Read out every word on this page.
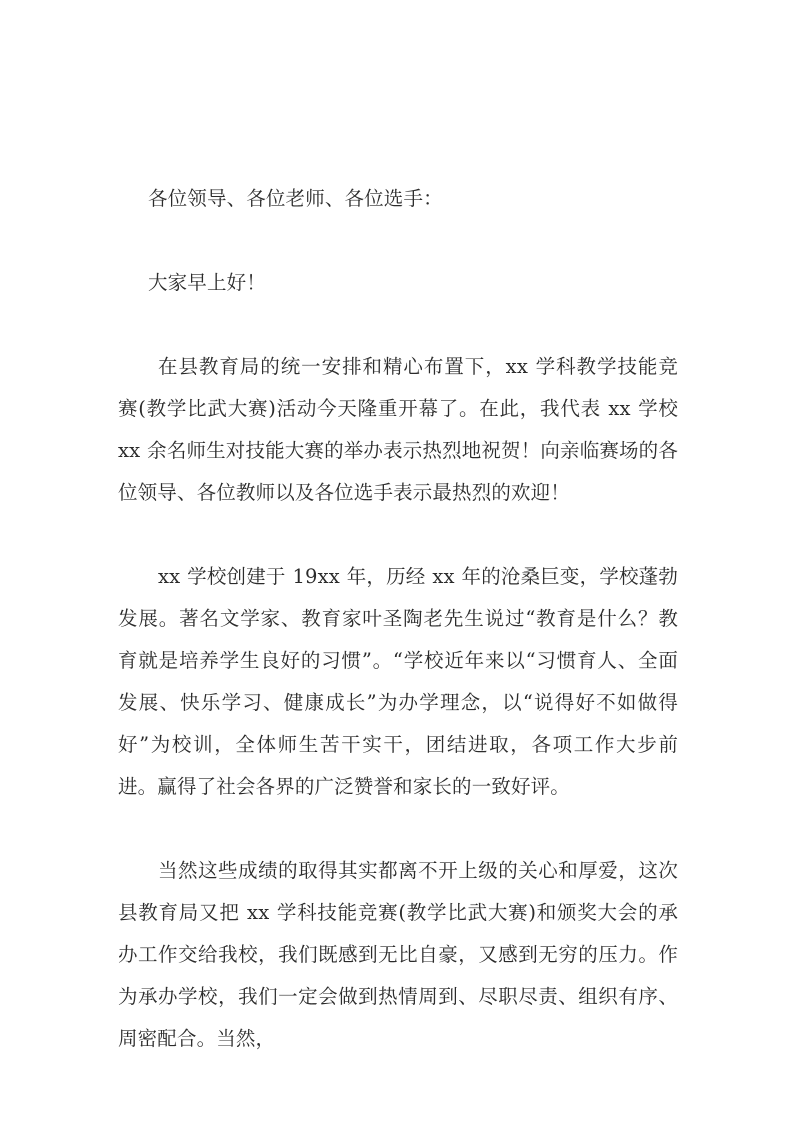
各位领导、各位老师、各位选手：

大家早上好！

在县教育局的统一安排和精心布置下，xx 学科教学技能竞赛(教学比武大赛)活动今天隆重开幕了。在此，我代表 xx 学校 xx 余名师生对技能大赛的举办表示热烈地祝贺！向亲临赛场的各位领导、各位教师以及各位选手表示最热烈的欢迎！

xx 学校创建于 19xx 年，历经 xx 年的沧桑巨变，学校蓬勃发展。著名文学家、教育家叶圣陶老先生说过“教育是什么？教育就是培养学生良好的习惯”。“学校近年来以“习惯育人、全面发展、快乐学习、健康成长”为办学理念，以“说得好不如做得好”为校训，全体师生苦干实干，团结进取，各项工作大步前进。赢得了社会各界的广泛赞誉和家长的一致好评。

当然这些成绩的取得其实都离不开上级的关心和厚爱，这次县教育局又把 xx 学科技能竞赛(教学比武大赛)和颁奖大会的承办工作交给我校，我们既感到无比自豪，又感到无穷的压力。作为承办学校，我们一定会做到热情周到、尽职尽责、组织有序、周密配合。当然，
